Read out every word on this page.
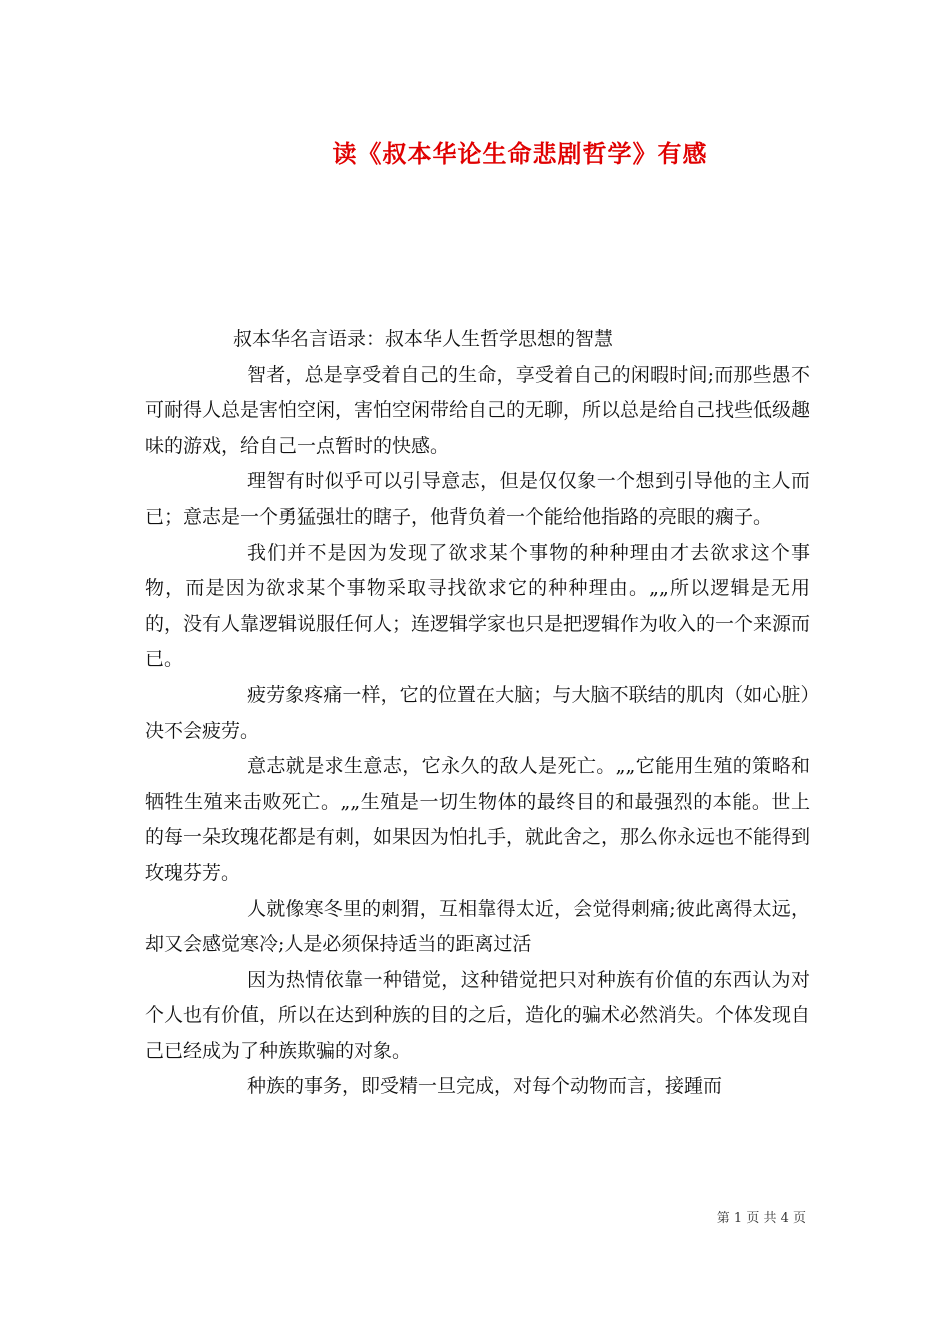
读《叔本华论生命悲剧哲学》有感

叔本华名言语录：叔本华人生哲学思想的智慧

智者，总是享受着自己的生命，享受着自己的闲暇时间;而那些愚不可耐得人总是害怕空闲，害怕空闲带给自己的无聊，所以总是给自己找些低级趣味的游戏，给自己一点暂时的快感。

理智有时似乎可以引导意志，但是仅仅象一个想到引导他的主人而已；意志是一个勇猛强壮的瞎子，他背负着一个能给他指路的亮眼的瘸子。

我们并不是因为发现了欲求某个事物的种种理由才去欲求这个事物，而是因为欲求某个事物采取寻找欲求它的种种理由。„„所以逻辑是无用的，没有人靠逻辑说服任何人；连逻辑学家也只是把逻辑作为收入的一个来源而已。

疲劳象疼痛一样，它的位置在大脑；与大脑不联结的肌肉（如心脏）决不会疲劳。

意志就是求生意志，它永久的敌人是死亡。„„它能用生殖的策略和牺牲生殖来击败死亡。„„生殖是一切生物体的最终目的和最强烈的本能。世上的每一朵玫瑰花都是有刺，如果因为怕扎手，就此舍之，那么你永远也不能得到玫瑰芬芳。

人就像寒冬里的刺猬，互相靠得太近，会觉得刺痛;彼此离得太远，却又会感觉寒冷;人是必须保持适当的距离过活

因为热情依靠一种错觉，这种错觉把只对种族有价值的东西认为对个人也有价值，所以在达到种族的目的之后，造化的骗术必然消失。个体发现自己已经成为了种族欺骗的对象。

种族的事务，即受精一旦完成，对每个动物而言，接踵而

第 1 页 共 4 页
